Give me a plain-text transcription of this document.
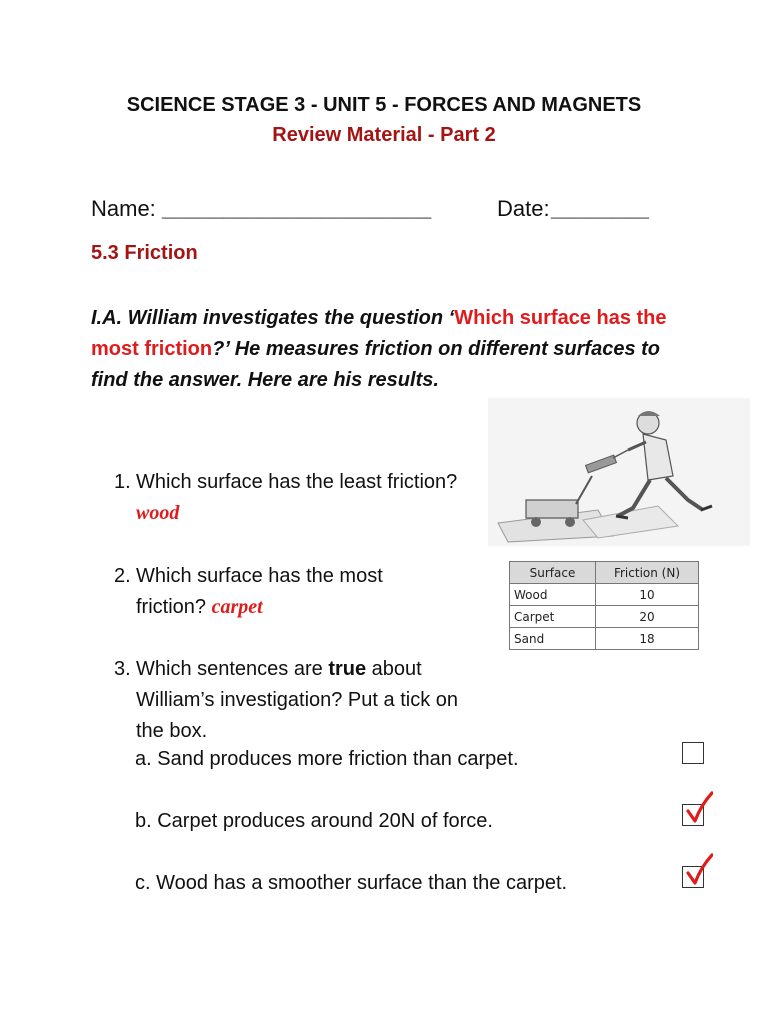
SCIENCE STAGE 3 - UNIT 5 - FORCES AND MAGNETS
Review Material - Part 2
Name: ______________________	Date: ________
5.3 Friction
I.A. William investigates the question ‘Which surface has the most friction?’ He measures friction on different surfaces to find the answer. Here are his results.
1. Which surface has the least friction? wood
2. Which surface has the most friction? carpet
Surface	Friction (N)
Wood	10
Carpet	20
Sand	18
3. Which sentences are true about William’s investigation? Put a tick on the box.
a. Sand produces more friction than carpet.
b. Carpet produces around 20N of force.
c. Wood has a smoother surface than the carpet.
